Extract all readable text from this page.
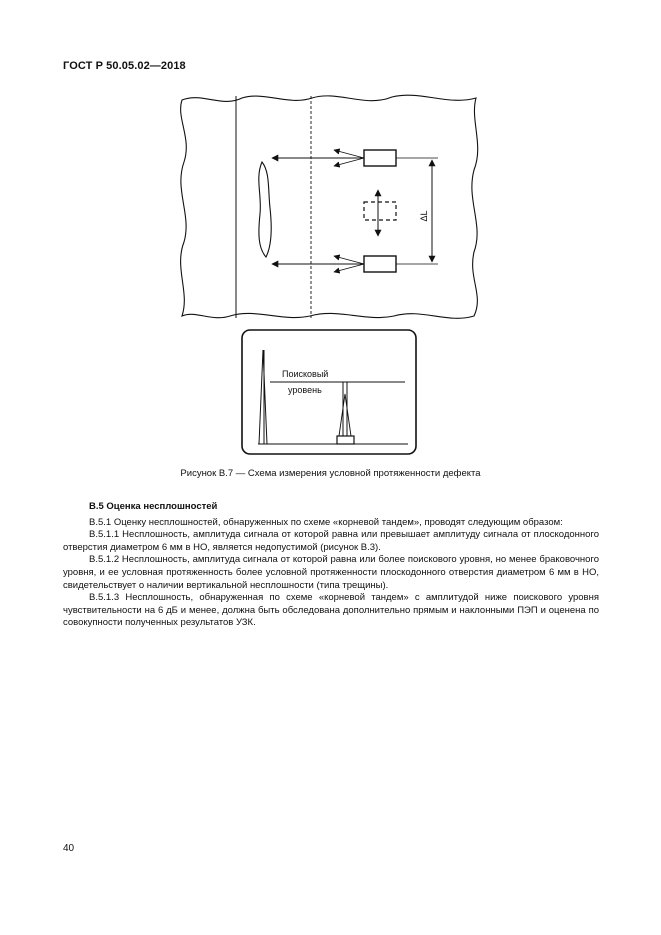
ГОСТ Р 50.05.02—2018
ΔL
Поисковый
уровень
Рисунок В.7 — Схема измерения условной протяженности дефекта
В.5 Оценка несплошностей

В.5.1 Оценку несплошностей, обнаруженных по схеме «корневой тандем», проводят следующим образом:

В.5.1.1 Несплошность, амплитуда сигнала от которой равна или превышает амплитуду сигнала от плоскодонного отверстия диаметром 6 мм в НО, является недопустимой (рисунок В.3).

В.5.1.2 Несплошность, амплитуда сигнала от которой равна или более поискового уровня, но менее браковочного уровня, и ее условная протяженность более условной протяженности плоскодонного отверстия диаметром 6 мм в НО, свидетельствует о наличии вертикальной несплошности (типа трещины).

В.5.1.3 Несплошность, обнаруженная по схеме «корневой тандем» с амплитудой ниже поискового уровня чувствительности на 6 дБ и менее, должна быть обследована дополнительно прямым и наклонными ПЭП и оценена по совокупности полученных результатов УЗК.

40
